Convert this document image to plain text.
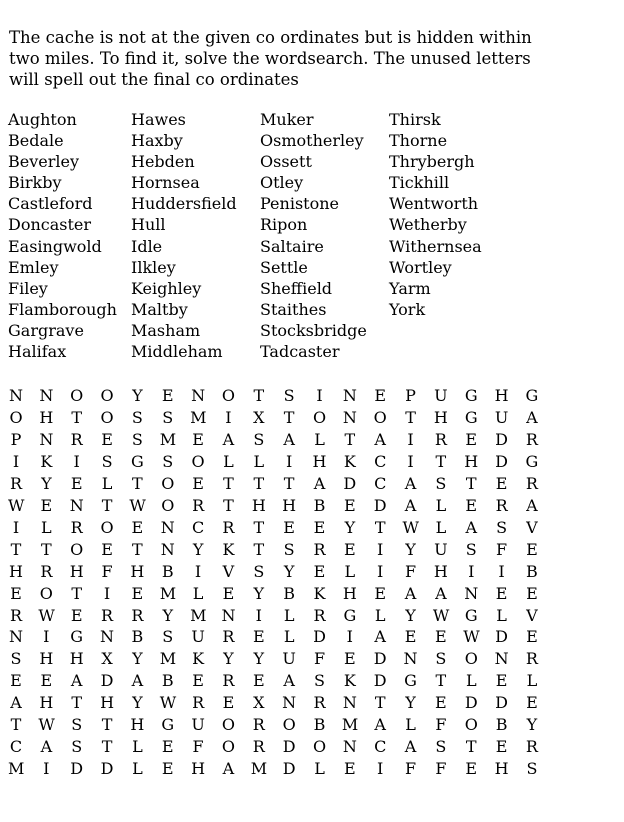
The cache is not at the given co ordinates but is hidden within
two miles. To find it, solve the wordsearch. The unused letters
will spell out the final co ordinates
Aughton
Bedale
Beverley
Birkby
Castleford
Doncaster
Easingwold
Emley
Filey
Flamborough
Gargrave
Halifax
Hawes
Haxby
Hebden
Hornsea
Huddersfield
Hull
Idle
Ilkley
Keighley
Maltby
Masham
Middleham
Muker
Osmotherley
Ossett
Otley
Penistone
Ripon
Saltaire
Settle
Sheffield
Staithes
Stocksbridge
Tadcaster
Thirsk
Thorne
Thrybergh
Tickhill
Wentworth
Wetherby
Withernsea
Wortley
Yarm
York
N N O O Y E N O T S	I	N E P U G H G
O H T O S S M	I	X T O N O T H G U A
P N R E S M E A S A L T A	I	R E D R
I	K	I	S G S O L L	I	H K C	I	T H D G
R Y E L T O E T T T A D C A S T E R
W E N T W O R T H H B E D A L E R A
I	L R O E N C R T E E Y T W L A S V
T T O E T N Y K T S R E	I	Y U S F E
H R H F H B	I	V S Y E L	I	F H	I	I	B
E O T	I	E M L E Y B K H E A A N E E
R W E R R Y M N	I	L R G L Y W G L V
N	I	G N B S U R E L D	I	A E E W D E
S H H X Y M K Y Y U F E D N S O N R
E E A D A B E R E A S K D G T L E L
A H T H Y W R E X N R N T Y E D D E
T W S T H G U O R O B M A L F O B Y
C A S T L E F O R D O N C A S T E R
M	I	D D L E H A M D L E	I	F F E H S
